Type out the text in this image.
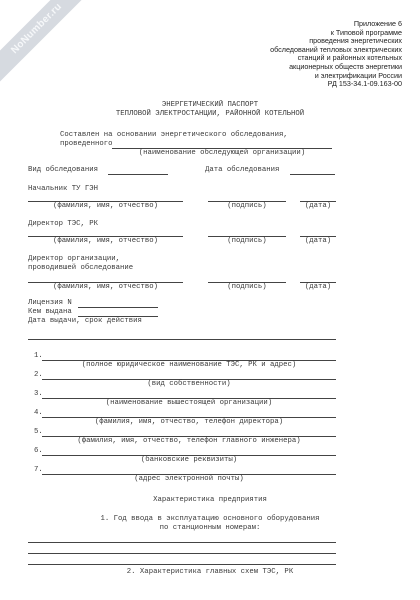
NoNumber.ru	Приложение 6
к Типовой программе
проведения энергетических
обследований тепловых электрических
станций и районных котельных
акционерных обществ энергетики
и электрификации России
РД 153-34.1-09.163-00
ЭНЕРГЕТИЧЕСКИЙ ПАСПОРТ
ТЕПЛОВОЙ ЭЛЕКТРОСТАНЦИИ, РАЙОННОЙ КОТЕЛЬНОЙ
Составлен на основании энергетического обследования,
проведенного
(наименование обследующей организации)
Вид обследования	Дата обследования
Начальник ТУ ГЭН
(фамилия, имя, отчество)	(подпись)	(дата)
Директор ТЭС, РК
(фамилия, имя, отчество)	(подпись)	(дата)
Директор организации,
проводившей обследование
(фамилия, имя, отчество)	(подпись)	(дата)
Лицензия N
Кем выдана
Дата выдачи, срок действия
1.
(полное юридическое наименование ТЭС, РК и адрес)
2.
(вид собственности)
3.
(наименование вышестоящей организации)
4.
(фамилия, имя, отчество, телефон директора)
5.
(фамилия, имя, отчество, телефон главного инженера)
6.
(банковские реквизиты)
7.
(адрес электронной почты)
Характеристика предприятия
1. Год ввода в эксплуатацию основного оборудования
по станционным номерам:
2. Характеристика главных схем ТЭС, РК
